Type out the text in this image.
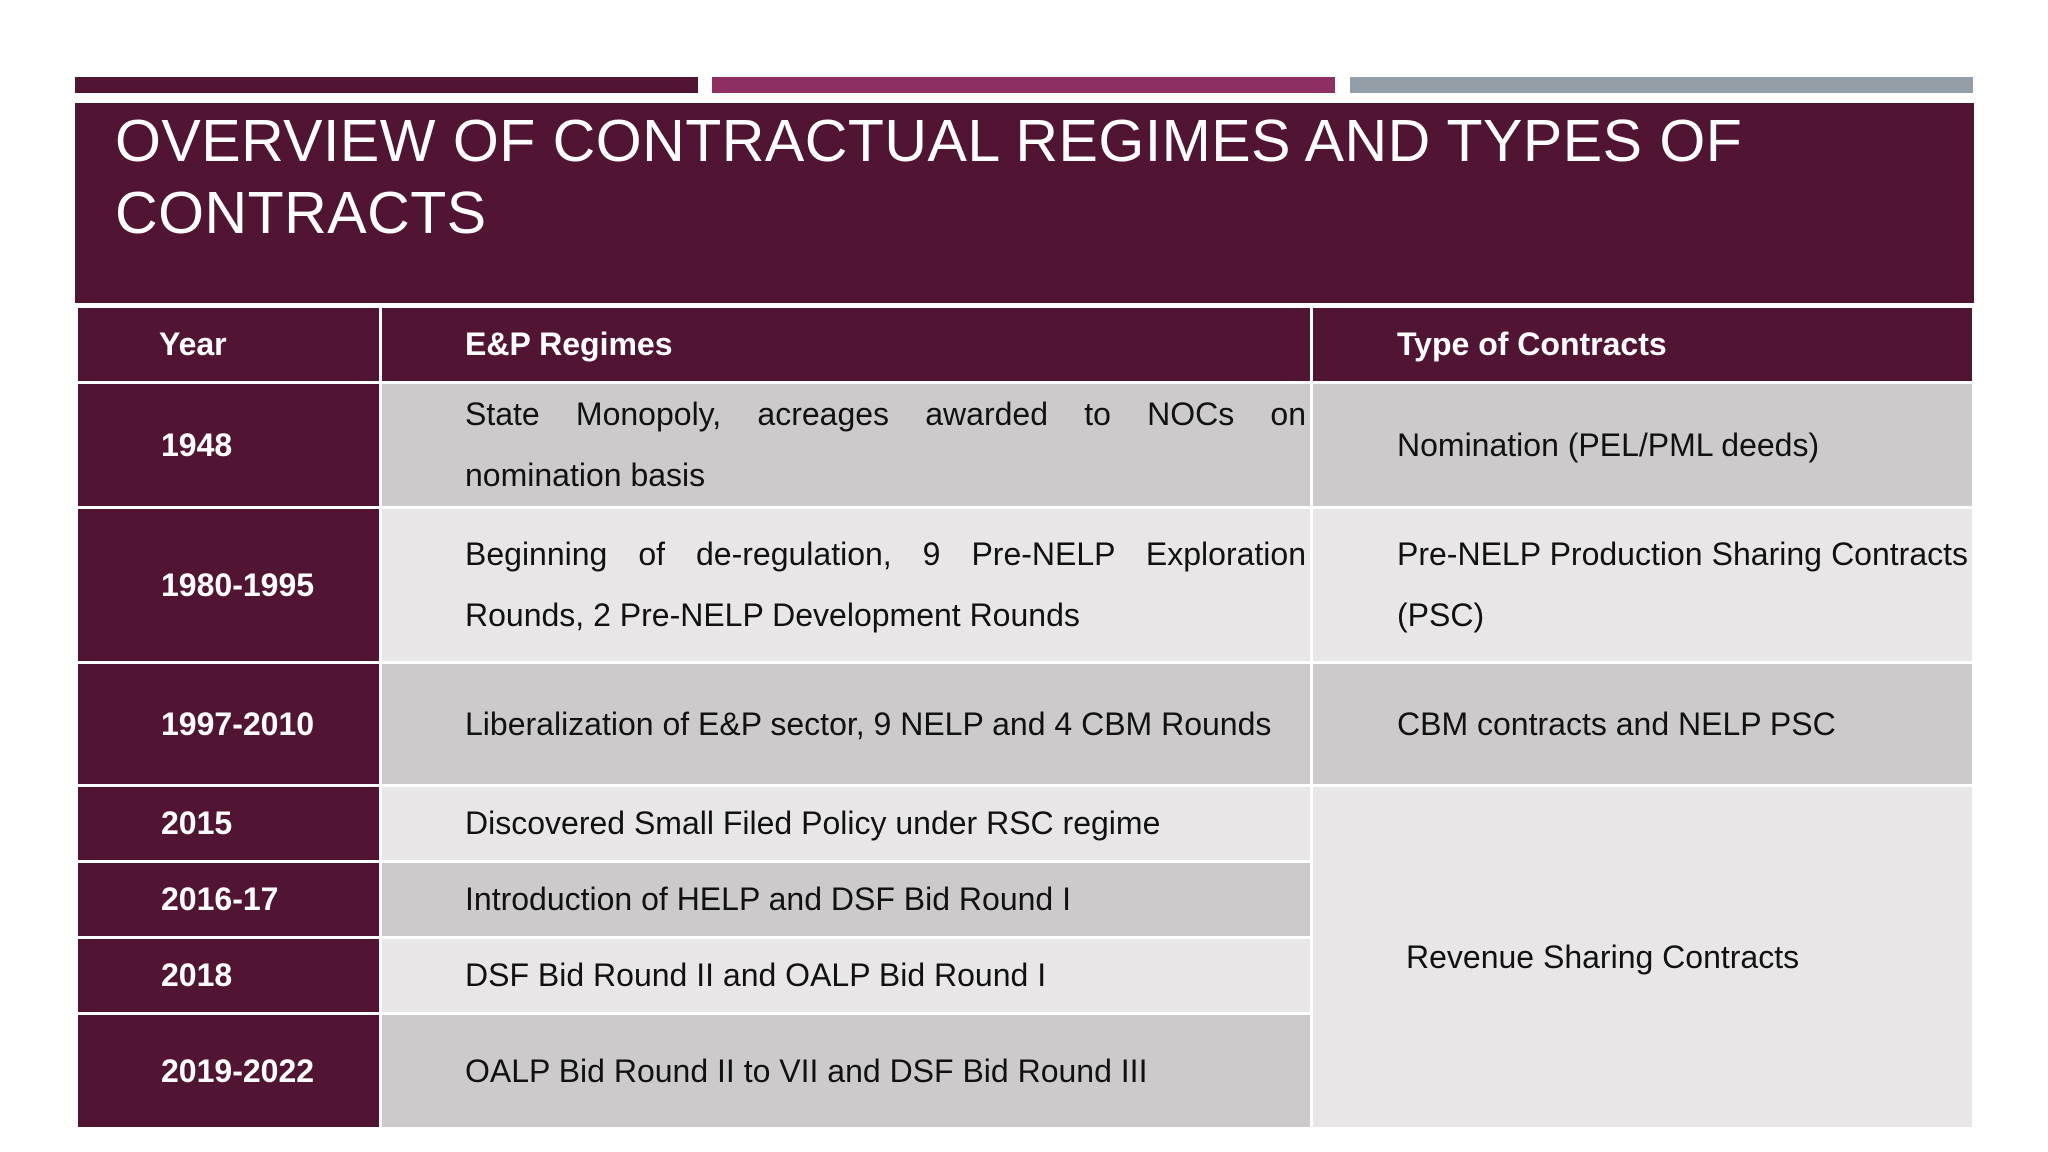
OVERVIEW OF CONTRACTUAL REGIMES AND TYPES OF CONTRACTS
Year	E&P Regimes	Type of Contracts
1948	State Monopoly, acreages awarded to NOCs on nomination basis	Nomination (PEL/PML deeds)
1980-1995	Beginning of de-regulation, 9 Pre-NELP Exploration Rounds, 2 Pre-NELP Development Rounds	Pre-NELP Production Sharing Contracts (PSC)
1997-2010	Liberalization of E&P sector, 9 NELP and 4 CBM Rounds	CBM contracts and NELP PSC
2015	Discovered Small Filed Policy under RSC regime	Revenue Sharing Contracts
2016-17	Introduction of HELP and DSF Bid Round I	
2018	DSF Bid Round II and OALP Bid Round I	
2019-2022	OALP Bid Round II to VII and DSF Bid Round III	
